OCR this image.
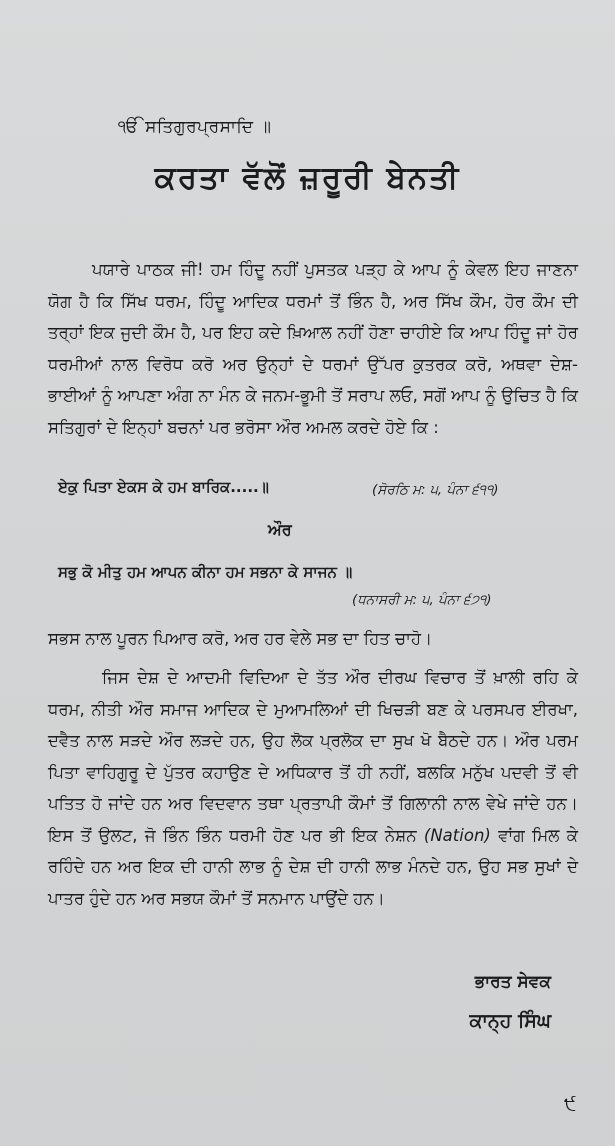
ੴ ਸਤਿਗੁਰਪ੍ਰਸਾਦਿ ॥
ਕਰਤਾ ਵੱਲੋਂ ਜ਼ਰੂਰੀ ਬੇਨਤੀ

ਪਯਾਰੇ ਪਾਠਕ ਜੀ! ਹਮ ਹਿੰਦੂ ਨਹੀਂ ਪੁਸਤਕ ਪੜ੍ਹ ਕੇ ਆਪ ਨੂੰ ਕੇਵਲ ਇਹ ਜਾਣਨਾ ਯੋਗ ਹੈ ਕਿ ਸਿੱਖ ਧਰਮ, ਹਿੰਦੂ ਆਦਿਕ ਧਰਮਾਂ ਤੋਂ ਭਿੰਨ ਹੈ, ਅਰ ਸਿੱਖ ਕੌਮ, ਹੋਰ ਕੌਮ ਦੀ ਤਰ੍ਹਾਂ ਇਕ ਜੁਦੀ ਕੌਮ ਹੈ, ਪਰ ਇਹ ਕਦੇ ਖ਼ਿਆਲ ਨਹੀਂ ਹੋਣਾ ਚਾਹੀਏ ਕਿ ਆਪ ਹਿੰਦੂ ਜਾਂ ਹੋਰ ਧਰਮੀਆਂ ਨਾਲ ਵਿਰੋਧ ਕਰੋ ਅਰ ਉਨ੍ਹਾਂ ਦੇ ਧਰਮਾਂ ਉੱਪਰ ਕੁਤਰਕ ਕਰੋ, ਅਥਵਾ ਦੇਸ਼-ਭਾਈਆਂ ਨੂੰ ਆਪਣਾ ਅੰਗ ਨਾ ਮੰਨ ਕੇ ਜਨਮ-ਭੂਮੀ ਤੋਂ ਸਰਾਪ ਲਓ, ਸਗੋਂ ਆਪ ਨੂੰ ਉਚਿਤ ਹੈ ਕਿ ਸਤਿਗੁਰਾਂ ਦੇ ਇਨ੍ਹਾਂ ਬਚਨਾਂ ਪਰ ਭਰੋਸਾ ਔਰ ਅਮਲ ਕਰਦੇ ਹੋਏ ਕਿ :

ਏਕੁ ਪਿਤਾ ਏਕਸ ਕੇ ਹਮ ਬਾਰਿਕ.....॥	(ਸੋਰਠਿ ਮ: ੫, ਪੰਨਾ ੬੧੧)
ਔਰ
ਸਭੁ ਕੋ ਮੀਤੁ ਹਮ ਆਪਨ ਕੀਨਾ ਹਮ ਸਭਨਾ ਕੇ ਸਾਜਨ ॥
(ਧਨਾਸਰੀ ਮ: ੫, ਪੰਨਾ ੬੭੧)

ਸਭਸ ਨਾਲ ਪੂਰਨ ਪਿਆਰ ਕਰੋ, ਅਰ ਹਰ ਵੇਲੇ ਸਭ ਦਾ ਹਿਤ ਚਾਹੋ।

ਜਿਸ ਦੇਸ਼ ਦੇ ਆਦਮੀ ਵਿਦਿਆ ਦੇ ਤੱਤ ਔਰ ਦੀਰਘ ਵਿਚਾਰ ਤੋਂ ਖ਼ਾਲੀ ਰਹਿ ਕੇ ਧਰਮ, ਨੀਤੀ ਔਰ ਸਮਾਜ ਆਦਿਕ ਦੇ ਮੁਆਮਲਿਆਂ ਦੀ ਖਿਚੜੀ ਬਣ ਕੇ ਪਰਸਪਰ ਈਰਖਾ, ਦਵੈਤ ਨਾਲ ਸੜਦੇ ਔਰ ਲੜਦੇ ਹਨ, ਉਹ ਲੋਕ ਪ੍ਰਲੋਕ ਦਾ ਸੁਖ ਖੋ ਬੈਠਦੇ ਹਨ। ਔਰ ਪਰਮ ਪਿਤਾ ਵਾਹਿਗੁਰੂ ਦੇ ਪੁੱਤਰ ਕਹਾਉਣ ਦੇ ਅਧਿਕਾਰ ਤੋਂ ਹੀ ਨਹੀਂ, ਬਲਕਿ ਮਨੁੱਖ ਪਦਵੀ ਤੋਂ ਵੀ ਪਤਿਤ ਹੋ ਜਾਂਦੇ ਹਨ ਅਰ ਵਿਦਵਾਨ ਤਥਾ ਪ੍ਰਤਾਪੀ ਕੌਮਾਂ ਤੋਂ ਗਿਲਾਨੀ ਨਾਲ ਵੇਖੇ ਜਾਂਦੇ ਹਨ। ਇਸ ਤੋਂ ਉਲਟ, ਜੋ ਭਿੰਨ ਭਿੰਨ ਧਰਮੀ ਹੋਣ ਪਰ ਭੀ ਇਕ ਨੇਸ਼ਨ (Nation) ਵਾਂਗ ਮਿਲ ਕੇ ਰਹਿੰਦੇ ਹਨ ਅਰ ਇਕ ਦੀ ਹਾਨੀ ਲਾਭ ਨੂੰ ਦੇਸ਼ ਦੀ ਹਾਨੀ ਲਾਭ ਮੰਨਦੇ ਹਨ, ਉਹ ਸਭ ਸੁਖਾਂ ਦੇ ਪਾਤਰ ਹੁੰਦੇ ਹਨ ਅਰ ਸਭਯ ਕੌਮਾਂ ਤੋਂ ਸਨਮਾਨ ਪਾਉਂਦੇ ਹਨ।

ਭਾਰਤ ਸੇਵਕ
ਕਾਨ੍ਹ ਸਿੰਘ
੯
